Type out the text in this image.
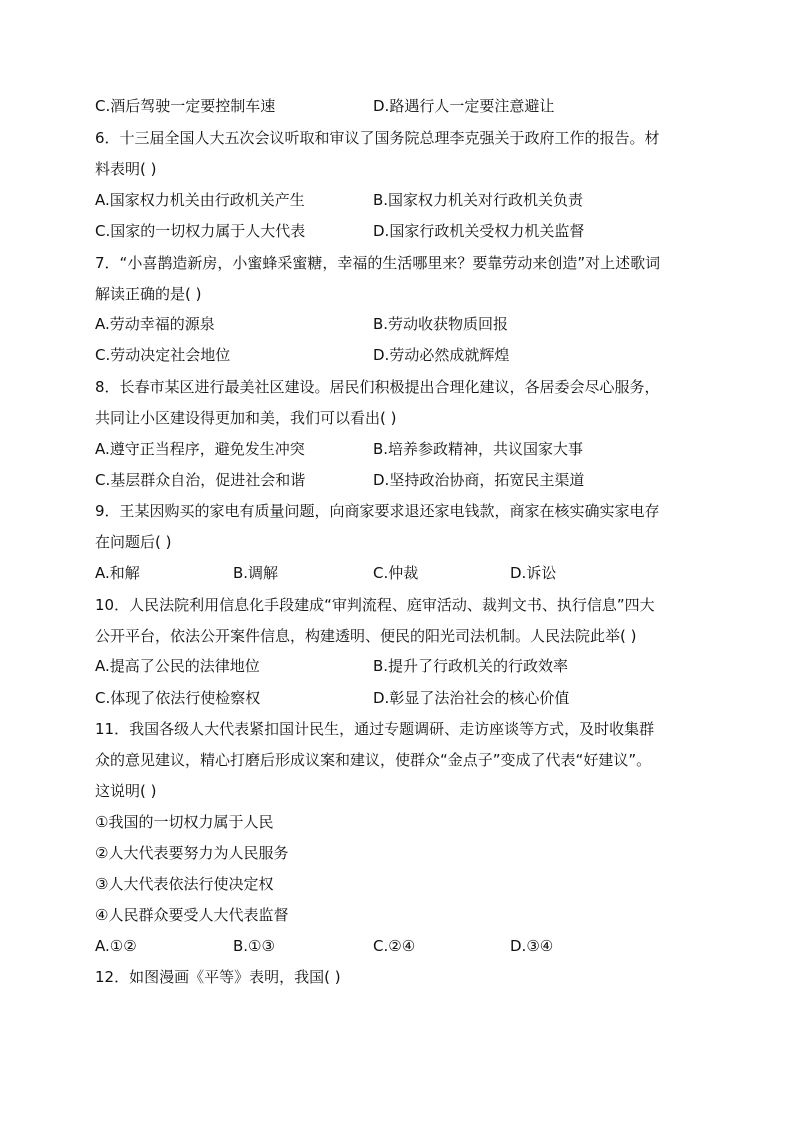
C.酒后驾驶一定要控制车速	D.路遇行人一定要注意避让
6．十三届全国人大五次会议听取和审议了国务院总理李克强关于政府工作的报告。材
料表明( )
A.国家权力机关由行政机关产生	B.国家权力机关对行政机关负责
C.国家的一切权力属于人大代表	D.国家行政机关受权力机关监督
7．“小喜鹊造新房，小蜜蜂采蜜糖，幸福的生活哪里来？要靠劳动来创造”对上述歌词
解读正确的是( )
A.劳动幸福的源泉	B.劳动收获物质回报
C.劳动决定社会地位	D.劳动必然成就辉煌
8．长春市某区进行最美社区建设。居民们积极提出合理化建议，各居委会尽心服务，
共同让小区建设得更加和美，我们可以看出( )
A.遵守正当程序，避免发生冲突	B.培养参政精神，共议国家大事
C.基层群众自治，促进社会和谐	D.坚持政治协商，拓宽民主渠道
9．王某因购买的家电有质量问题，向商家要求退还家电钱款，商家在核实确实家电存
在问题后( )
A.和解	B.调解	C.仲裁	D.诉讼
10．人民法院利用信息化手段建成“审判流程、庭审活动、裁判文书、执行信息”四大
公开平台，依法公开案件信息，构建透明、便民的阳光司法机制。人民法院此举( )
A.提高了公民的法律地位	B.提升了行政机关的行政效率
C.体现了依法行使检察权	D.彰显了法治社会的核心价值
11．我国各级人大代表紧扣国计民生，通过专题调研、走访座谈等方式，及时收集群
众的意见建议，精心打磨后形成议案和建议，使群众“金点子”变成了代表“好建议”。
这说明( )
①我国的一切权力属于人民
②人大代表要努力为人民服务
③人大代表依法行使决定权
④人民群众要受人大代表监督
A.①②	B.①③	C.②④	D.③④
12．如图漫画《平等》表明，我国( )
